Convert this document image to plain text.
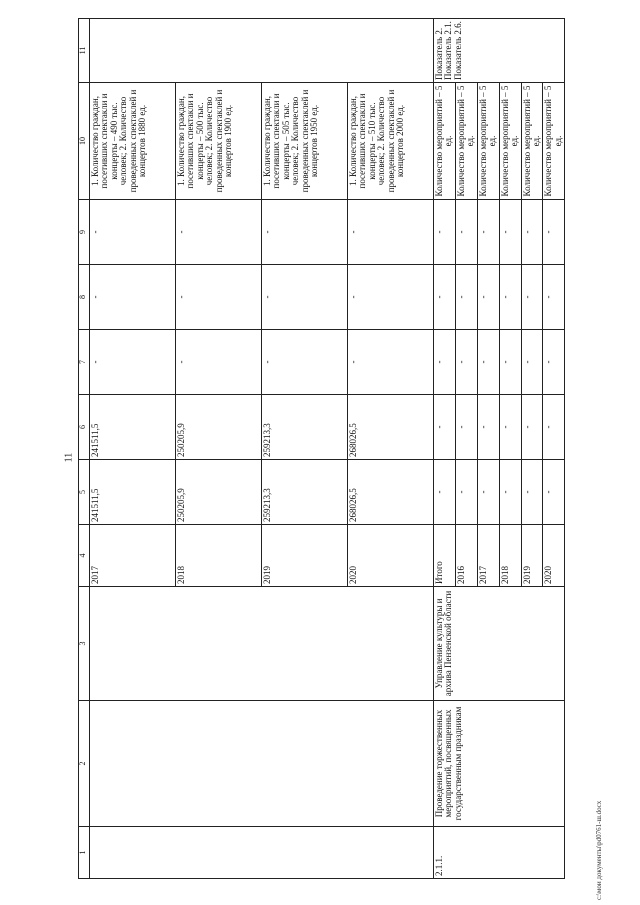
11
1	2	3	4	5	6	7	8	9	10	11
			2017	241511,5	241511,5	-	-	-	1. Количество граждан, посетивших спектакли и концерты – 490 тыс. человек; 2. Количество проведенных спектаклей и концертов 1880 ед.	
			2018	250205,9	250205,9	-	-	-	1. Количество граждан, посетивших спектакли и концерты – 500 тыс. человек; 2. Количество проведенных спектаклей и концертов 1900 ед.	
			2019	259213,3	259213,3	-	-	-	1. Количество граждан, посетивших спектакли и концерты – 505 тыс. человек; 2. Количество проведенных спектаклей и концертов 1950 ед.	
			2020	268026,5	268026,5	-	-	-	1. Количество граждан, посетивших спектакли и концерты – 510 тыс. человек; 2. Количество проведенных спектаклей и концертов 2000 ед.	
2.1.1.	Проведение торжественных мероприятий, посвященных государственным праздникам	Управление культуры и архива Пензенской области	Итого	-	-	-	-	-	Количество мероприятий – 5 ед.	Показатель 2. Показатель 2.1. Показатель 2.6.
			2016	-	-	-	-	-	Количество мероприятий – 5 ед.	
			2017	-	-	-	-	-	Количество мероприятий – 5 ед.	
			2018	-	-	-	-	-	Количество мероприятий – 5 ед.	
			2019	-	-	-	-	-	Количество мероприятий – 5 ед.	
			2020	-	-	-	-	-	Количество мероприятий – 5 ед.	
c:\мои документы\pd0761-ш.docx
